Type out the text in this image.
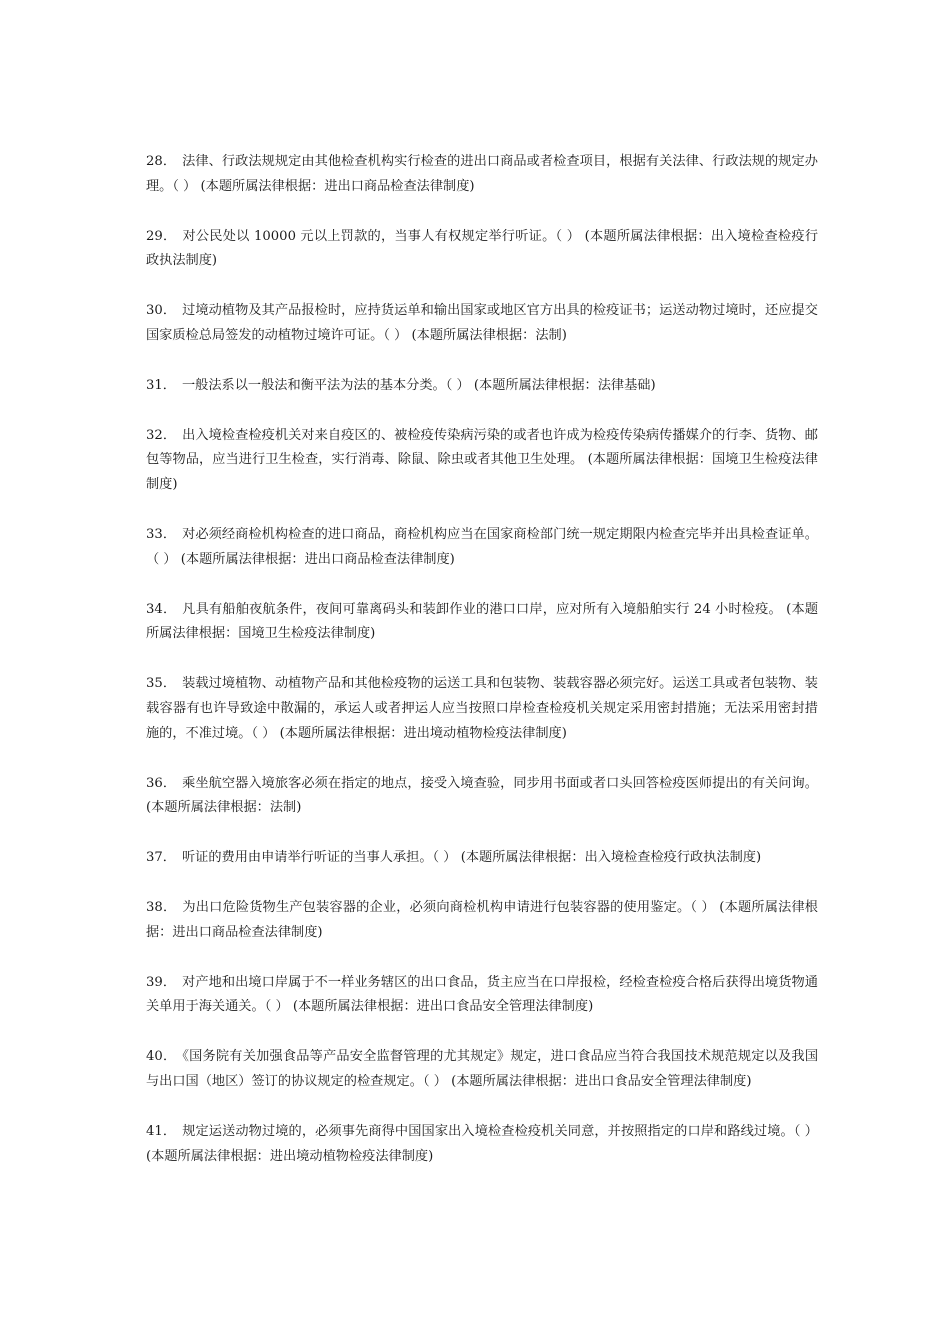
28． 法律、行政法规规定由其他检查机构实行检查的进出口商品或者检查项目，根据有关法律、行政法规的规定办理。（ ） (本题所属法律根据：进出口商品检查法律制度)

29． 对公民处以 10000 元以上罚款的，当事人有权规定举行听证。（ ） (本题所属法律根据：出入境检查检疫行政执法制度)

30． 过境动植物及其产品报检时，应持货运单和输出国家或地区官方出具的检疫证书；运送动物过境时，还应提交国家质检总局签发的动植物过境许可证。（ ） (本题所属法律根据：法制)

31． 一般法系以一般法和衡平法为法的基本分类。（ ） (本题所属法律根据：法律基础)

32． 出入境检查检疫机关对来自疫区的、被检疫传染病污染的或者也许成为检疫传染病传播媒介的行李、货物、邮包等物品，应当进行卫生检查，实行消毒、除鼠、除虫或者其他卫生处理。 (本题所属法律根据：国境卫生检疫法律制度)

33． 对必须经商检机构检查的进口商品，商检机构应当在国家商检部门统一规定期限内检查完毕并出具检查证单。（ ） (本题所属法律根据：进出口商品检查法律制度)

34． 凡具有船舶夜航条件，夜间可靠离码头和装卸作业的港口口岸，应对所有入境船舶实行 24 小时检疫。 (本题所属法律根据：国境卫生检疫法律制度)

35． 装载过境植物、动植物产品和其他检疫物的运送工具和包装物、装载容器必须完好。运送工具或者包装物、装载容器有也许导致途中散漏的，承运人或者押运人应当按照口岸检查检疫机关规定采用密封措施；无法采用密封措施的，不准过境。（ ） (本题所属法律根据：进出境动植物检疫法律制度)

36． 乘坐航空器入境旅客必须在指定的地点，接受入境查验，同步用书面或者口头回答检疫医师提出的有关问询。 (本题所属法律根据：法制)

37． 听证的费用由申请举行听证的当事人承担。（ ） (本题所属法律根据：出入境检查检疫行政执法制度)

38． 为出口危险货物生产包装容器的企业，必须向商检机构申请进行包装容器的使用鉴定。（ ） (本题所属法律根据：进出口商品检查法律制度)

39． 对产地和出境口岸属于不一样业务辖区的出口食品，货主应当在口岸报检，经检查检疫合格后获得出境货物通关单用于海关通关。（ ） (本题所属法律根据：进出口食品安全管理法律制度)

40． 《国务院有关加强食品等产品安全监督管理的尤其规定》规定，进口食品应当符合我国技术规范规定以及我国与出口国（地区）签订的协议规定的检查规定。（ ） (本题所属法律根据：进出口食品安全管理法律制度)

41． 规定运送动物过境的，必须事先商得中国国家出入境检查检疫机关同意，并按照指定的口岸和路线过境。（ ） (本题所属法律根据：进出境动植物检疫法律制度)
